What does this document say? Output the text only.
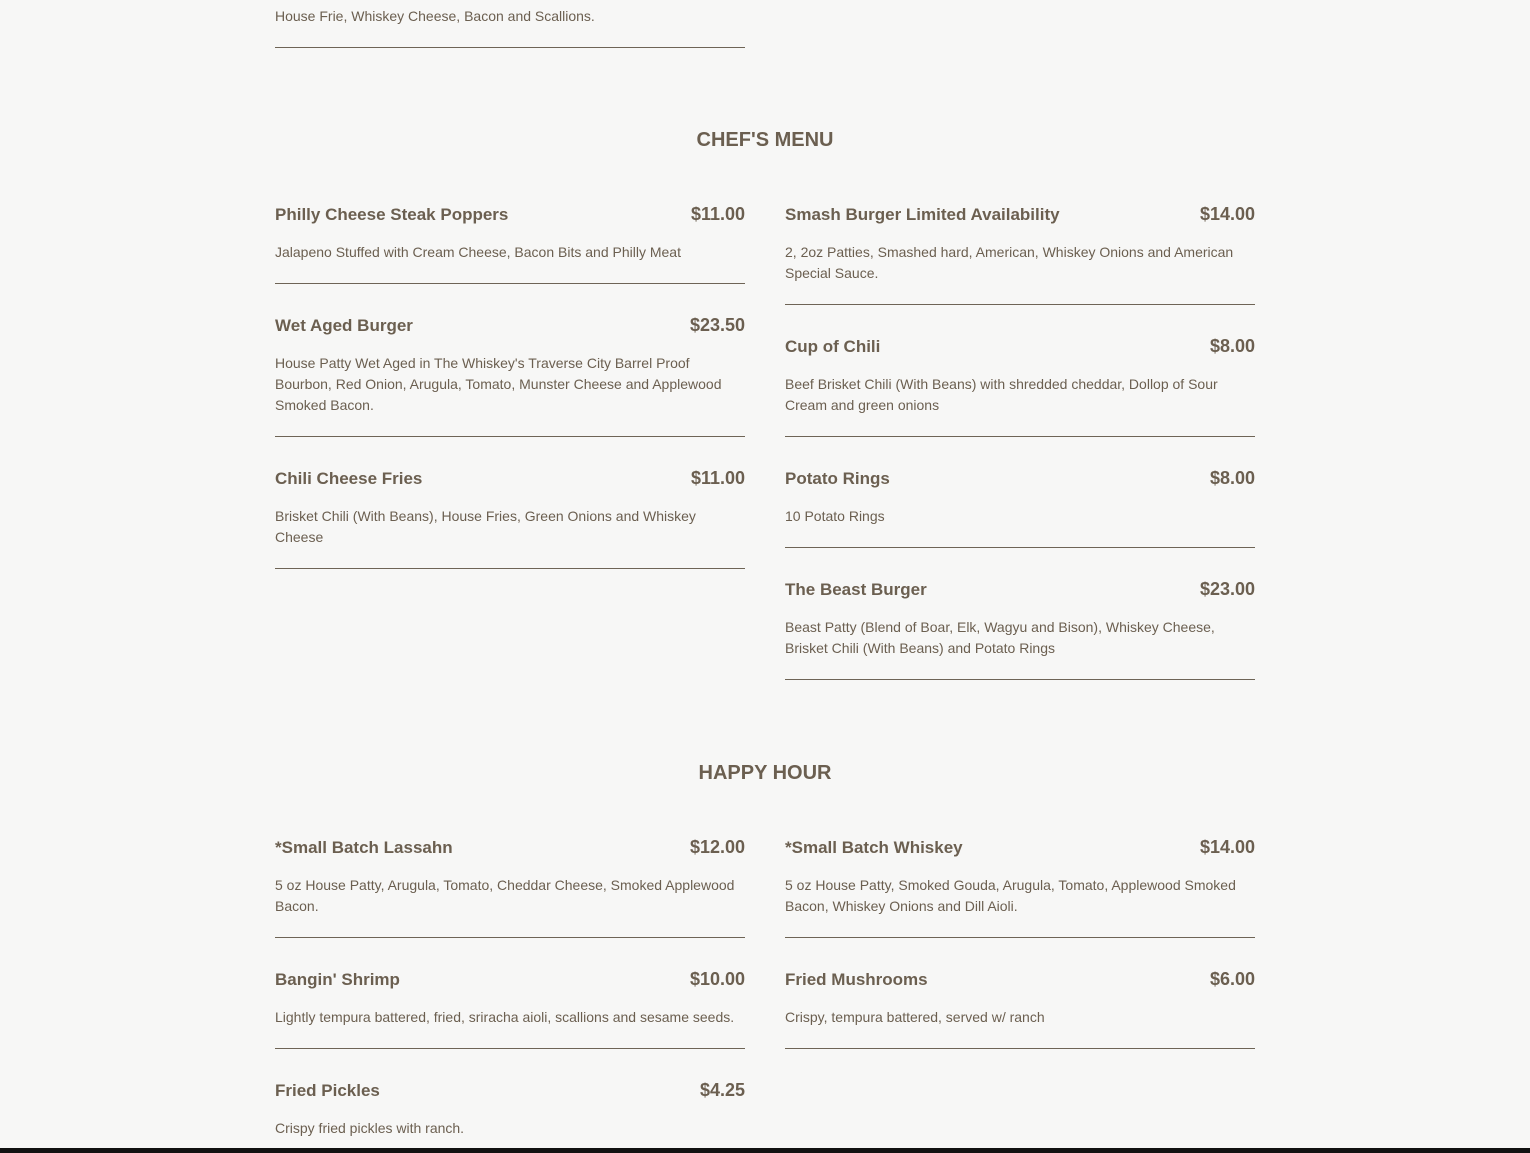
House Frie, Whiskey Cheese, Bacon and Scallions.

CHEF'S MENU
Philly Cheese Steak Poppers	$11.00
Jalapeno Stuffed with Cream Cheese, Bacon Bits and Philly Meat
Wet Aged Burger	$23.50
House Patty Wet Aged in The Whiskey's Traverse City Barrel Proof Bourbon, Red Onion, Arugula, Tomato, Munster Cheese and Applewood Smoked Bacon.
Chili Cheese Fries	$11.00
Brisket Chili (With Beans), House Fries, Green Onions and Whiskey Cheese
Smash Burger Limited Availability	$14.00
2, 2oz Patties, Smashed hard, American, Whiskey Onions and American Special Sauce.
Cup of Chili	$8.00
Beef Brisket Chili (With Beans) with shredded cheddar, Dollop of Sour Cream and green onions
Potato Rings	$8.00
10 Potato Rings
The Beast Burger	$23.00
Beast Patty (Blend of Boar, Elk, Wagyu and Bison), Whiskey Cheese, Brisket Chili (With Beans) and Potato Rings
HAPPY HOUR
*Small Batch Lassahn	$12.00
5 oz House Patty, Arugula, Tomato, Cheddar Cheese, Smoked Applewood Bacon.
Bangin' Shrimp	$10.00
Lightly tempura battered, fried, sriracha aioli, scallions and sesame seeds.
Fried Pickles	$4.25
Crispy fried pickles with ranch.
*Small Batch Whiskey	$14.00
5 oz House Patty, Smoked Gouda, Arugula, Tomato, Applewood Smoked Bacon, Whiskey Onions and Dill Aioli.
Fried Mushrooms	$6.00
Crispy, tempura battered, served w/ ranch
